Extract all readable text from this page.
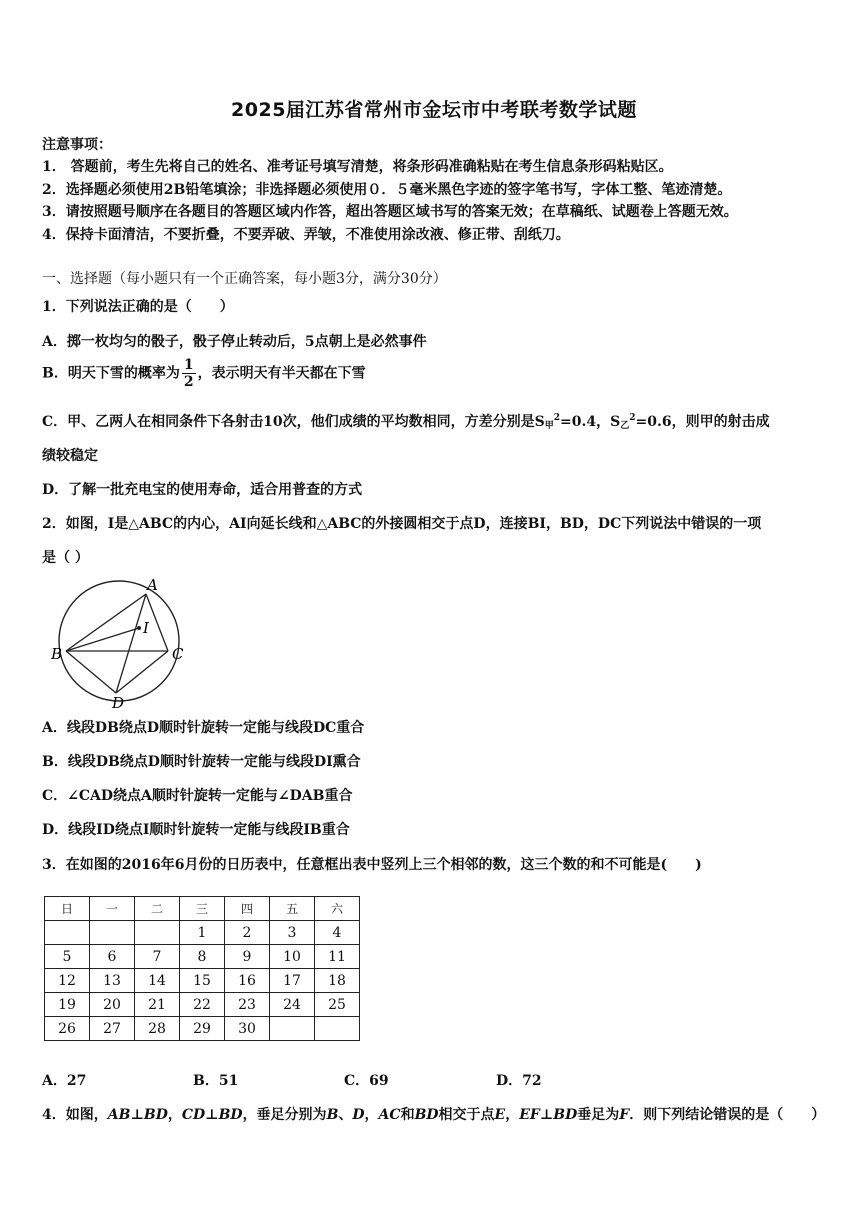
2025届江苏省常州市金坛市中考联考数学试题
注意事项：
1． 答题前，考生先将自己的姓名、准考证号填写清楚，将条形码准确粘贴在考生信息条形码粘贴区。
2．选择题必须使用2B铅笔填涂；非选择题必须使用０．５毫米黑色字迹的签字笔书写，字体工整、笔迹清楚。
3．请按照题号顺序在各题目的答题区域内作答，超出答题区域书写的答案无效；在草稿纸、试题卷上答题无效。
4．保持卡面清洁，不要折叠，不要弄破、弄皱，不准使用涂改液、修正带、刮纸刀。
一、选择题（每小题只有一个正确答案，每小题3分，满分30分）
1．下列说法正确的是（　　）
A．掷一枚均匀的骰子，骰子停止转动后，5点朝上是必然事件
B．明天下雪的概率为 $\frac{1}{2}$ ，表示明天有半天都在下雪
C．甲、乙两人在相同条件下各射击10次，他们成绩的平均数相同，方差分别是$S_甲^2=0.4$，$S_乙^2=0.6$，则甲的射击成
绩较稳定
D．了解一批充电宝的使用寿命，适合用普查的方式
2．如图，I是△ABC的内心，AI向延长线和△ABC的外接圆相交于点D，连接BI，BD，DC下列说法中错误的一项
是（ ）
A
I
B	C
D
A．线段DB绕点D顺时针旋转一定能与线段DC重合
B．线段DB绕点D顺时针旋转一定能与线段DI熏合
C．∠CAD绕点A顺时针旋转一定能与∠DAB重合
D．线段ID绕点I顺时针旋转一定能与线段IB重合
3．在如图的2016年6月份的日历表中，任意框出表中竖列上三个相邻的数，这三个数的和不可能是(　　)
日	一	二	三	四	五	六
			1	2	3	4
5	6	7	8	9	10	11
12	13	14	15	16	17	18
19	20	21	22	23	24	25
26	27	28	29	30		
A．27	B．51	C．69	D．72
4．如图，AB⊥BD，CD⊥BD，垂足分别为B、D，AC和BD相交于点E，EF⊥BD垂足为F．则下列结论错误的是（　　）
